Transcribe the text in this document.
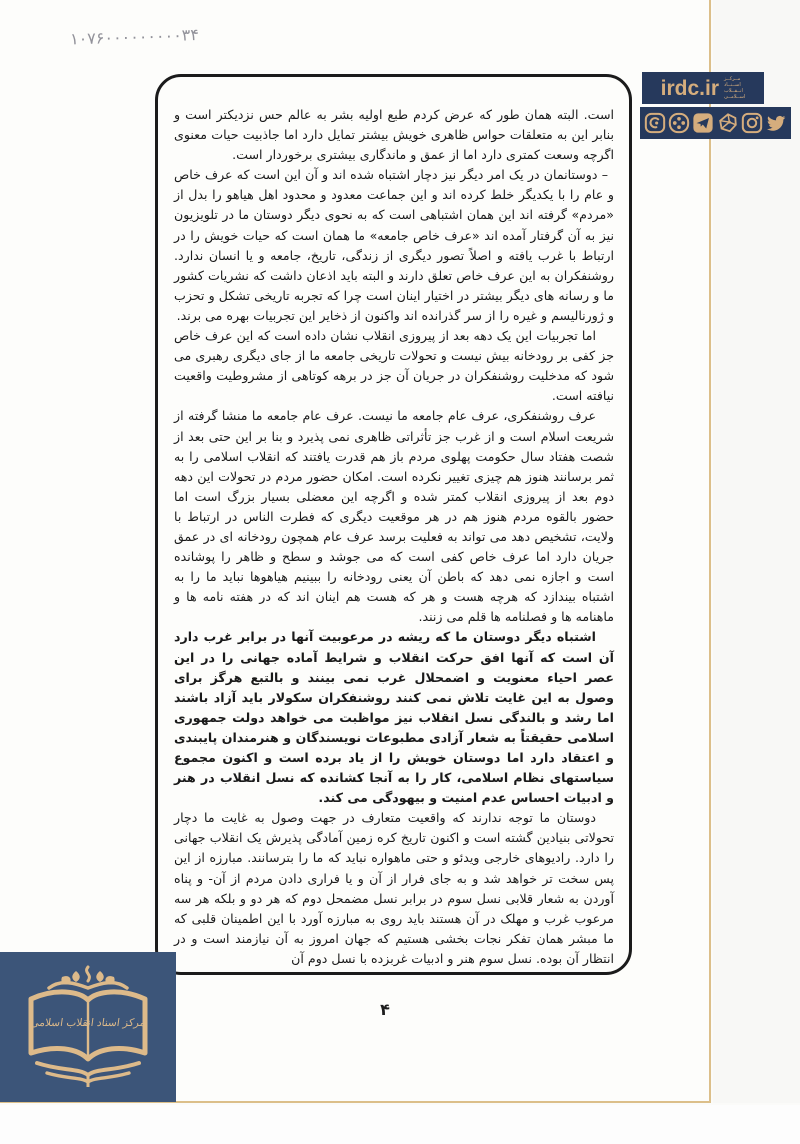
۱۰۷۶۰۰۰۰۰۰۰۰۰۳۴
irdc.ir مــرکــز
اســنــاد
انــقــلاب
اســلامــی

است. البته همان طور که عرض کردم طبع اولیه بشر به عالم حس نزدیکتر است و بنابر این به متعلقات حواس ظاهری خویش بیشتر تمایل دارد اما جاذبیت حیات معنوی اگرچه وسعت کمتری دارد اما از عمق و ماندگاری بیشتری برخوردار است.

– دوستانمان در یک امر دیگر نیز دچار اشتباه شده اند و آن این است که عرف خاص و عام را با یکدیگر خلط کرده اند و این جماعت معدود و محدود اهل هیاهو را بدل از «مردم» گرفته اند این همان اشتباهی است که به نحوی دیگر دوستان ما در تلویزیون نیز به آن گرفتار آمده اند «عرف خاص جامعه» ما همان است که حیات خویش را در ارتباط با غرب یافته و اصلاً تصور دیگری از زندگی، تاریخ، جامعه و یا انسان ندارد. روشنفکران به این عرف خاص تعلق دارند و البته باید اذعان داشت که نشریات کشور ما و رسانه های دیگر بیشتر در اختیار اینان است چرا که تجربه تاریخی تشکل و تحزب و ژورنالیسم و غیره را از سر گذرانده اند واکنون از ذخایر این تجربیات بهره می برند.

اما تجربیات این یک دهه بعد از پیروزی انقلاب نشان داده است که این عرف خاص جز کفی بر رودخانه بیش نیست و تحولات تاریخی جامعه ما از جای دیگری رهبری می شود که مدخلیت روشنفکران در جریان آن جز در برهه کوتاهی از مشروطیت واقعیت نیافته است.

عرف روشنفکری، عرف عام جامعه ما نیست. عرف عام جامعه ما منشا گرفته از شریعت اسلام است و از غرب جز تأثراتی ظاهری نمی پذیرد و بنا بر این حتی بعد از شصت هفتاد سال حکومت پهلوی مردم باز هم قدرت یافتند که انقلاب اسلامی را به ثمر برسانند هنوز هم چیزی تغییر نکرده است. امکان حضور مردم در تحولات این دهه دوم بعد از پیروزی انقلاب کمتر شده و اگرچه این معضلی بسیار بزرگ است اما حضور بالقوه مردم هنوز هم در هر موقعیت دیگری که فطرت الناس در ارتباط با ولایت، تشخیص دهد می تواند به فعلیت برسد عرف عام همچون رودخانه ای در عمق جریان دارد اما عرف خاص کفی است که می جوشد و سطح و ظاهر را پوشانده است و اجازه نمی دهد که باطن آن یعنی رودخانه را ببینیم هیاهوها نباید ما را به اشتباه بیندازد که هرچه هست و هر که هست هم اینان اند که در هفته نامه ها و ماهنامه ها و فصلنامه ها قلم می زنند.

اشتباه دیگر دوستان ما که ریشه در مرعوبیت آنها در برابر غرب دارد آن است که آنها افق حرکت انقلاب و شرایط آماده جهانی را در این عصر احیاء معنویت و اضمحلال غرب نمی بینند و بالتبع هرگز برای وصول به این غایت تلاش نمی کنند روشنفکران سکولار باید آزاد باشند اما رشد و بالندگی نسل انقلاب نیز مواظبت می خواهد دولت جمهوری اسلامی حقیقتاً به شعار آزادی مطبوعات نویسندگان و هنرمندان پایبندی و اعتقاد دارد اما دوستان خویش را از یاد برده است و اکنون مجموع سیاستهای نظام اسلامی، کار را به آنجا کشانده که نسل انقلاب در هنر و ادبیات احساس عدم امنیت و بیهودگی می کند.

دوستان ما توجه ندارند که واقعیت متعارف در جهت وصول به غایت ما دچار تحولاتی بنیادین گشته است و اکنون تاریخ کره زمین آمادگی پذیرش یک انقلاب جهانی را دارد. رادیوهای خارجی ویدئو و حتی ماهواره نباید که ما را بترسانند. مبارزه از این پس سخت تر خواهد شد و به جای فرار از آن و یا فراری دادن مردم از آن- و پناه آوردن به شعار قلابی نسل سوم در برابر نسل مضمحل دوم که هر دو و بلکه هر سه مرعوب غرب و مهلک در آن هستند باید روی به مبارزه آورد با این اطمینان قلبی که ما مبشر همان تفکر نجات بخشی هستیم که جهان امروز به آن نیازمند است و در انتظار آن بوده. نسل سوم هنر و ادبیات غربزده با نسل دوم آن

۴
مرکز اسناد انقلاب اسلامی
